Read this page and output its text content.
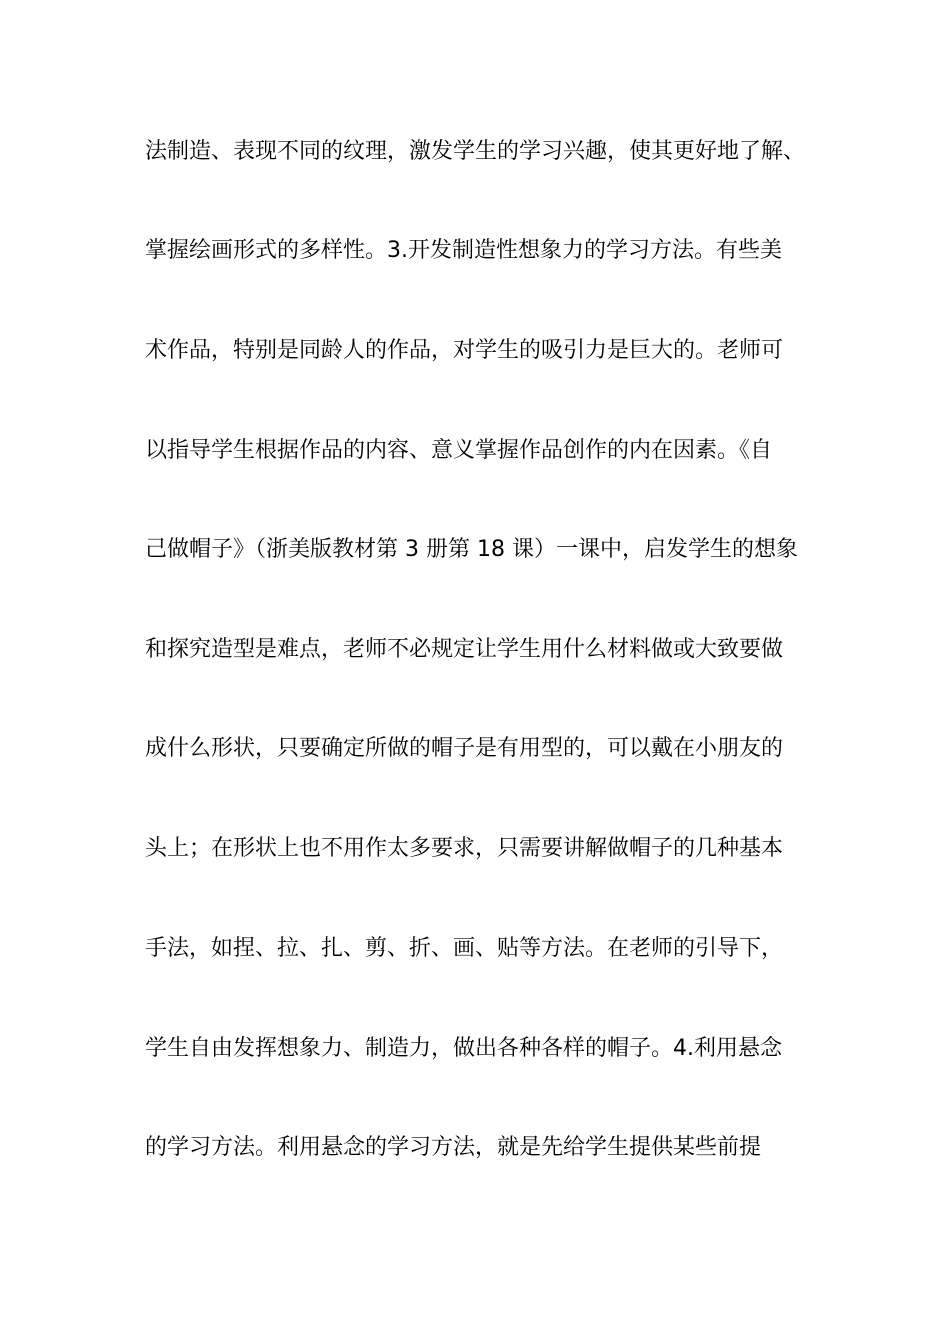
法制造、表现不同的纹理，激发学生的学习兴趣，使其更好地了解、
掌握绘画形式的多样性。3.开发制造性想象力的学习方法。有些美
术作品，特别是同龄人的作品，对学生的吸引力是巨大的。老师可
以指导学生根据作品的内容、意义掌握作品创作的内在因素。《自
己做帽子》（浙美版教材第 3 册第 18 课）一课中，启发学生的想象
和探究造型是难点，老师不必规定让学生用什么材料做或大致要做
成什么形状，只要确定所做的帽子是有用型的，可以戴在小朋友的
头上；在形状上也不用作太多要求，只需要讲解做帽子的几种基本
手法，如捏、拉、扎、剪、折、画、贴等方法。在老师的引导下，
学生自由发挥想象力、制造力，做出各种各样的帽子。4.利用悬念
的学习方法。利用悬念的学习方法，就是先给学生提供某些前提
